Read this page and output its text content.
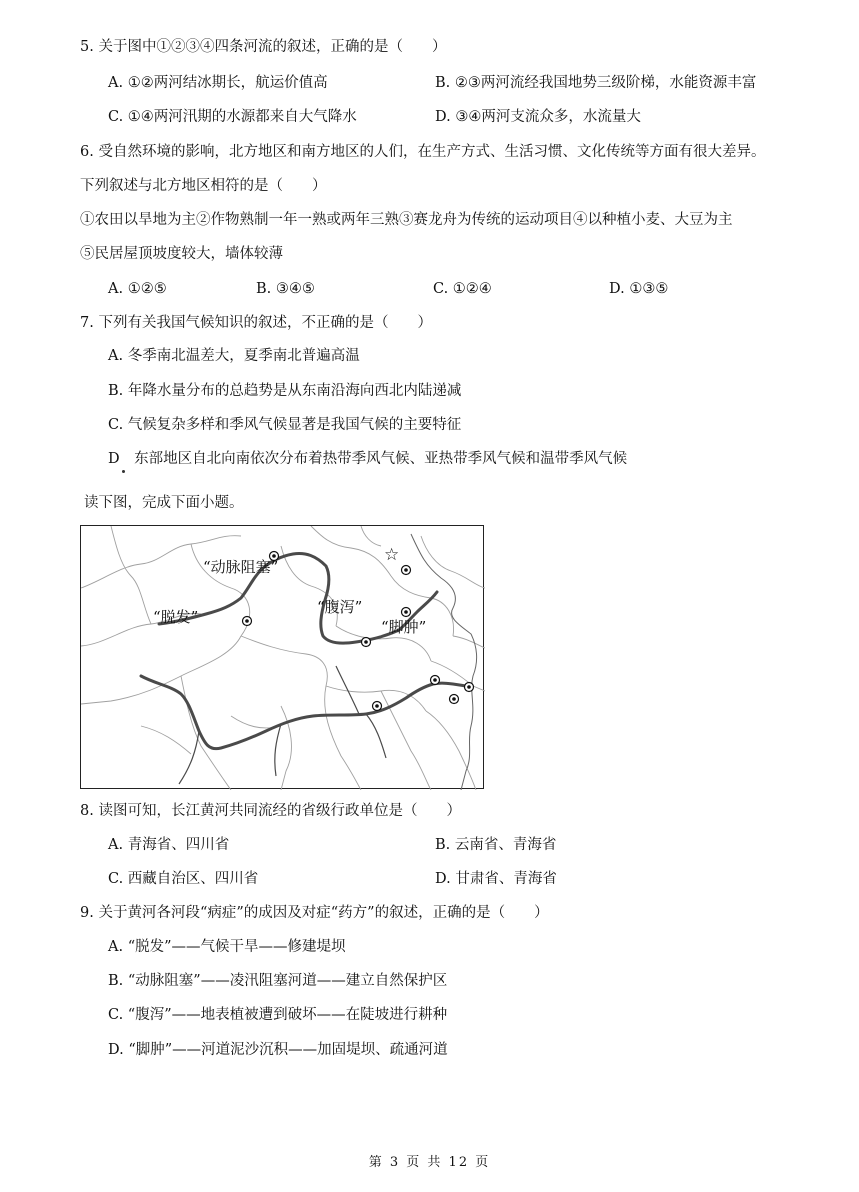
5. 关于图中①②③④四条河流的叙述，正确的是（　　）
A. ①②两河结冰期长，航运价值高	B. ②③两河流经我国地势三级阶梯，水能资源丰富
C. ①④两河汛期的水源都来自大气降水	D. ③④两河支流众多，水流量大
6. 受自然环境的影响，北方地区和南方地区的人们，在生产方式、生活习惯、文化传统等方面有很大差异。
下列叙述与北方地区相符的是（　　）
①农田以旱地为主②作物熟制一年一熟或两年三熟③赛龙舟为传统的运动项目④以种植小麦、大豆为主
⑤民居屋顶坡度较大，墙体较薄
A. ①②⑤	B. ③④⑤	C. ①②④	D. ①③⑤
7. 下列有关我国气候知识的叙述，不正确的是（　　）
A. 冬季南北温差大，夏季南北普遍高温
B. 年降水量分布的总趋势是从东南沿海向西北内陆递减
C. 气候复杂多样和季风气候显著是我国气候的主要特征
D　东部地区自北向南依次分布着热带季风气候、亚热带季风气候和温带季风气候
读下图，完成下面小题。
☆
“动脉阻塞”
“脱发”
“腹泻”
“脚肿”
8. 读图可知，长江黄河共同流经的省级行政单位是（　　）
A. 青海省、四川省	B. 云南省、青海省
C. 西藏自治区、四川省	D. 甘肃省、青海省
9. 关于黄河各河段“病症”的成因及对症“药方”的叙述，正确的是（　　）
A. “脱发”——气候干旱——修建堤坝
B. “动脉阻塞”——凌汛阻塞河道——建立自然保护区
C. “腹泻”——地表植被遭到破坏——在陡坡进行耕种
D. “脚肿”——河道泥沙沉积——加固堤坝、疏通河道
第 3 页 共 12 页
